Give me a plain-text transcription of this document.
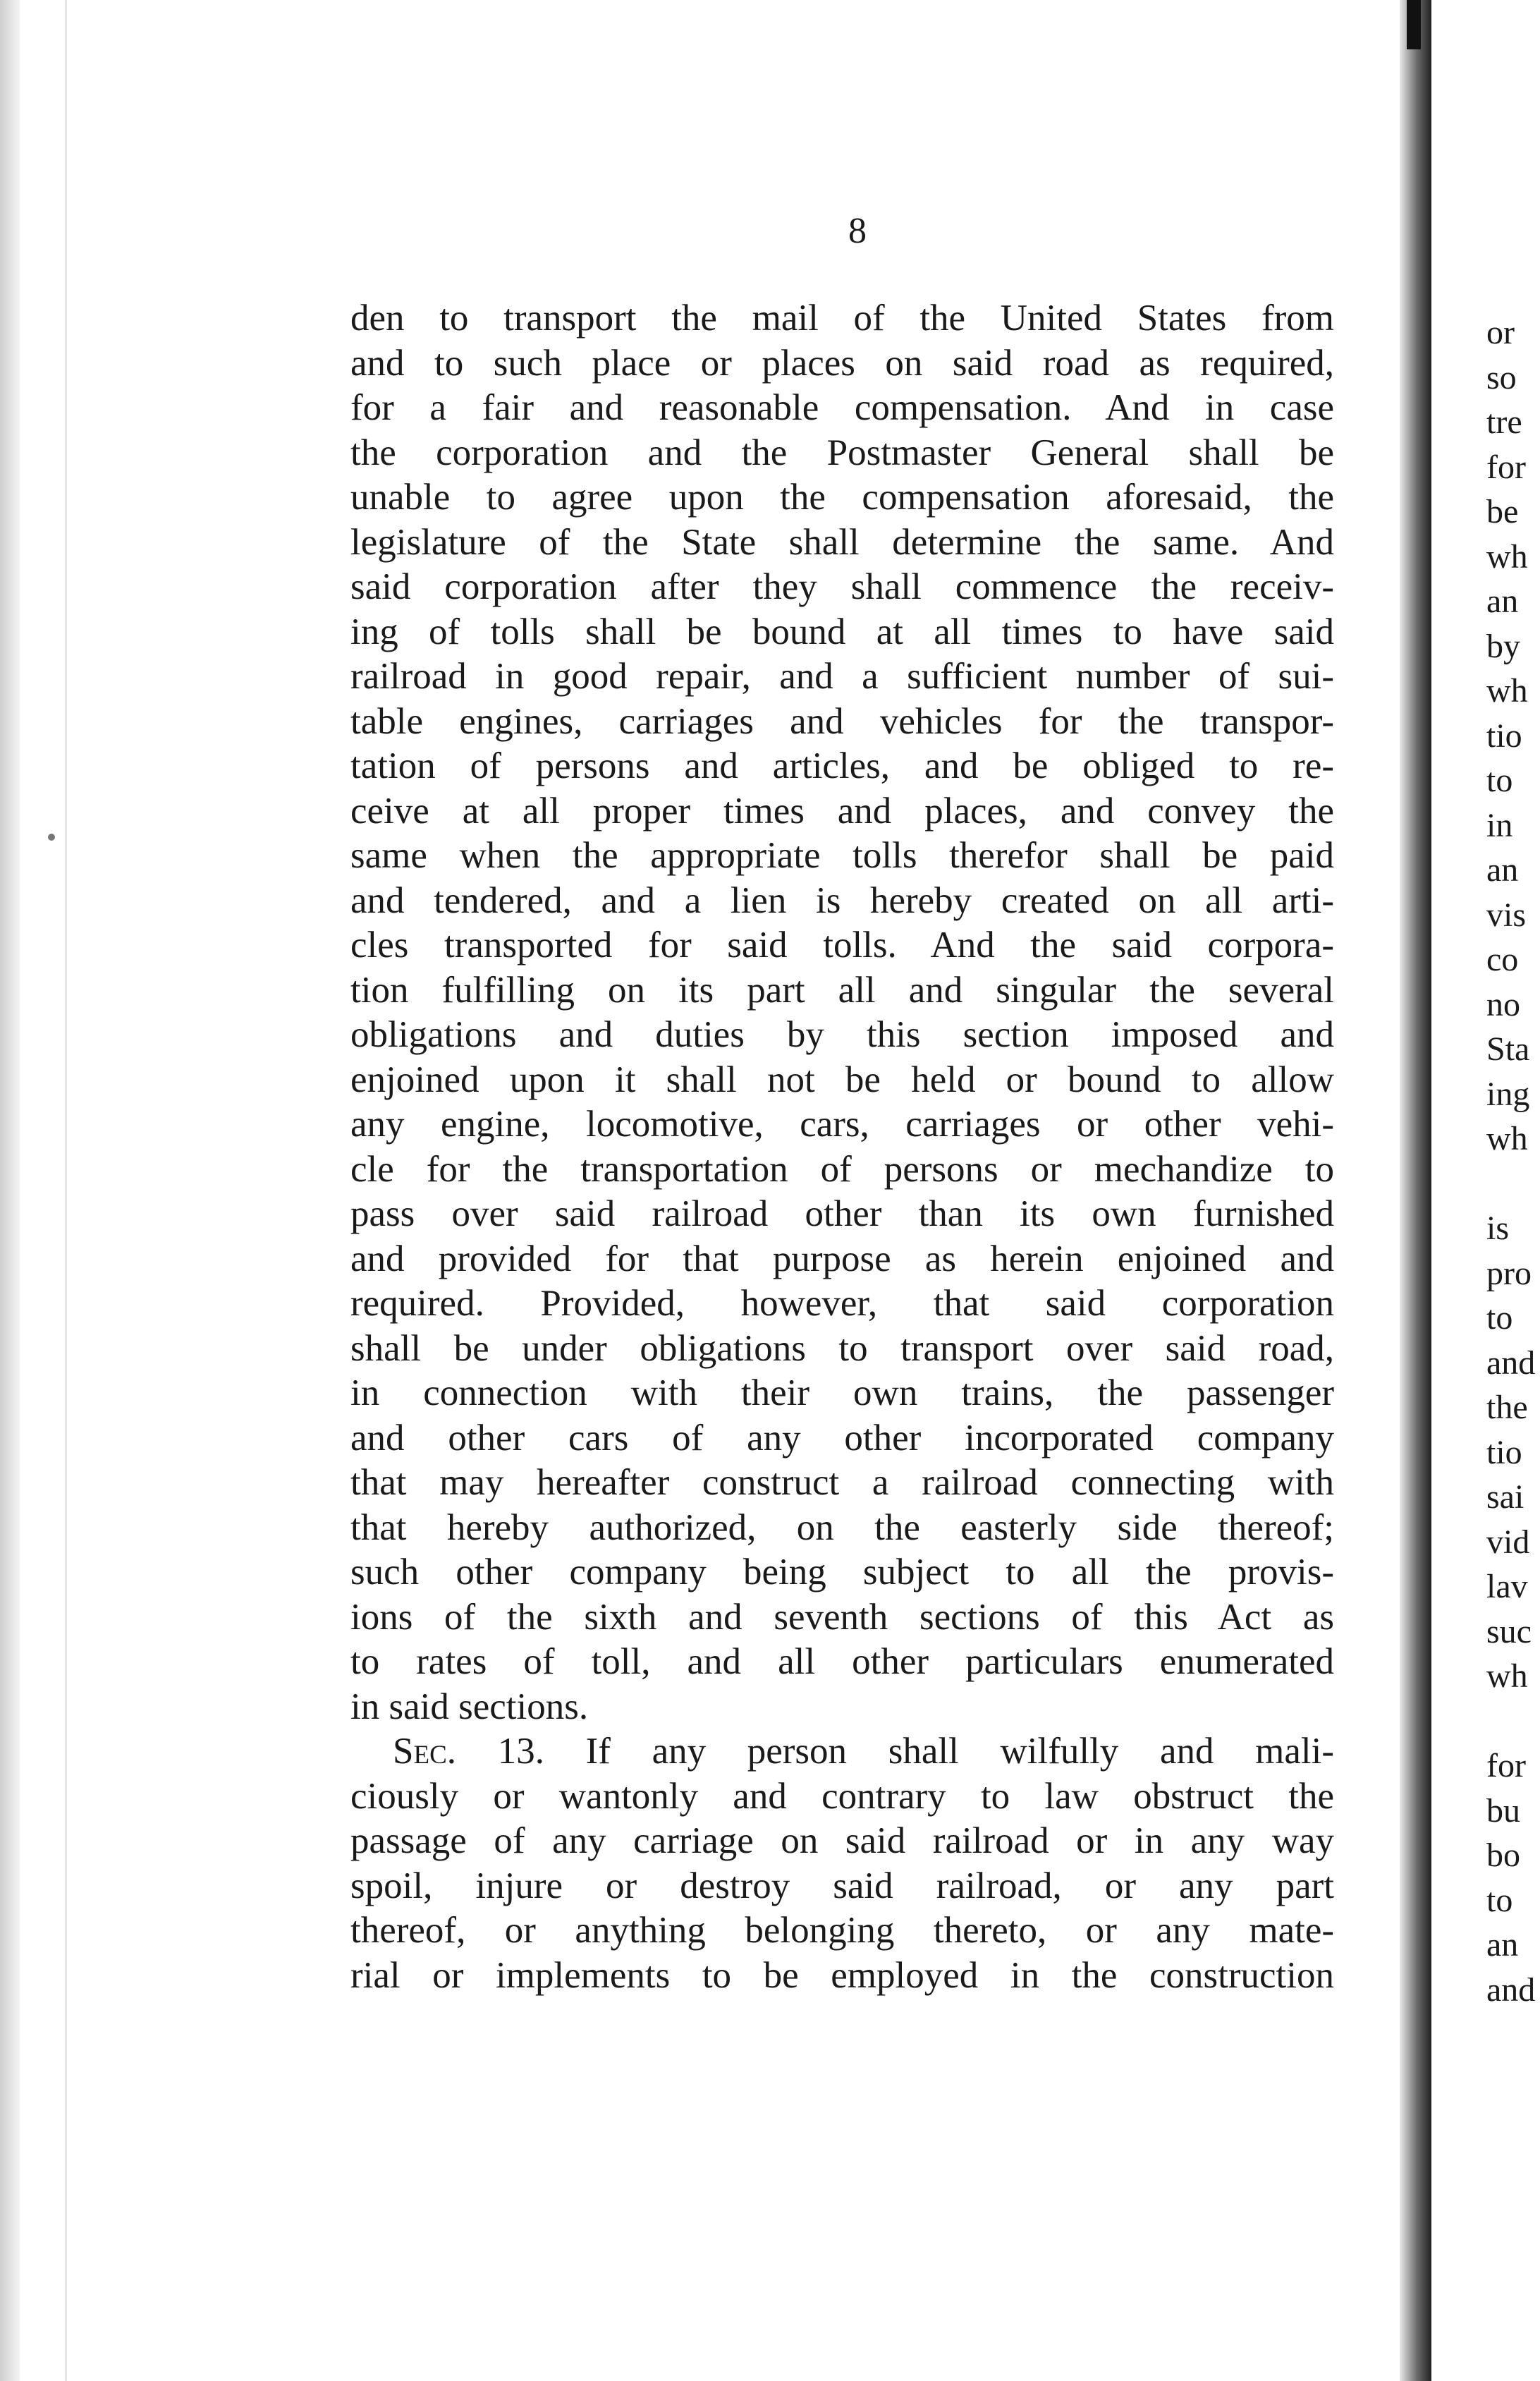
8
den to transport the mail of the United States from
and to such place or places on said road as required,
for a fair and reasonable compensation. And in case
the corporation and the Postmaster General shall be
unable to agree upon the compensation aforesaid, the
legislature of the State shall determine the same. And
said corporation after they shall commence the receiv-
ing of tolls shall be bound at all times to have said
railroad in good repair, and a sufficient number of sui-
table engines, carriages and vehicles for the transpor-
tation of persons and articles, and be obliged to re-
ceive at all proper times and places, and convey the
same when the appropriate tolls therefor shall be paid
and tendered, and a lien is hereby created on all arti-
cles transported for said tolls. And the said corpora-
tion fulfilling on its part all and singular the several
obligations and duties by this section imposed and
enjoined upon it shall not be held or bound to allow
any engine, locomotive, cars, carriages or other vehi-
cle for the transportation of persons or mechandize to
pass over said railroad other than its own furnished
and provided for that purpose as herein enjoined and
required. Provided, however, that said corporation
shall be under obligations to transport over said road,
in connection with their own trains, the passenger
and other cars of any other incorporated company
that may hereafter construct a railroad connecting with
that hereby authorized, on the easterly side thereof;
such other company being subject to all the provis-
ions of the sixth and seventh sections of this Act as
to rates of toll, and all other particulars enumerated
in said sections.
Sec. 13. If any person shall wilfully and mali-
ciously or wantonly and contrary to law obstruct the
passage of any carriage on said railroad or in any way
spoil, injure or destroy said railroad, or any part
thereof, or anything belonging thereto, or any mate-
rial or implements to be employed in the construction
or
so
tre
for
be
wh
an
by
wh
tio
to
in
an
vis
co
no
Sta
ing
wh
is
pro
to
and
the
tio
sai
vid
lav
suc
wh
for
bu
bo
to
an
and
